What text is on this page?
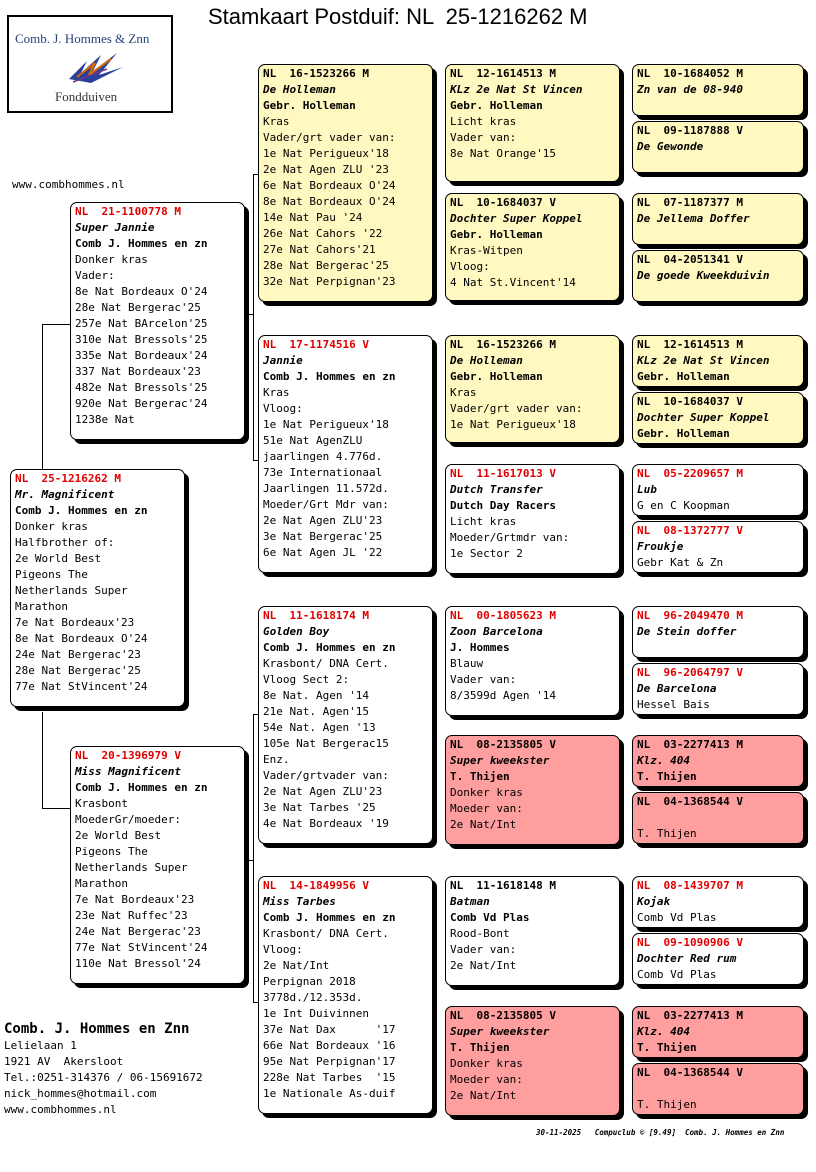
Stamkaart Postduif: NL  25-1216262 M
Comb. J. Hommes & Znn
Fondduiven
www.combhommes.nl
NL  25-1216262 M
Mr. Magnificent
Comb J. Hommes en zn
Donker kras
Halfbrother of:
2e World Best
Pigeons The
Netherlands Super
Marathon
7e Nat Bordeaux'23
8e Nat Bordeaux O'24
24e Nat Bergerac'23
28e Nat Bergerac'25
77e Nat StVincent'24
NL  21-1100778 M
Super Jannie
Comb J. Hommes en zn
Donker kras
Vader:
8e Nat Bordeaux O'24
28e Nat Bergerac'25
257e Nat BArcelon'25
310e Nat Bressols'25
335e Nat Bordeaux'24
337 Nat Bordeaux'23
482e Nat Bressols'25
920e Nat Bergerac'24
1238e Nat
NL  20-1396979 V
Miss Magnificent
Comb J. Hommes en zn
Krasbont
MoederGr/moeder:
2e World Best
Pigeons The
Netherlands Super
Marathon
7e Nat Bordeaux'23
23e Nat Ruffec'23
24e Nat Bergerac'23
77e Nat StVincent'24
110e Nat Bressol'24
NL  16-1523266 M
De Holleman
Gebr. Holleman
Kras
Vader/grt vader van:
1e Nat Perigueux'18
2e Nat Agen ZLU '23
6e Nat Bordeaux O'24
8e Nat Bordeaux O'24
14e Nat Pau '24
26e Nat Cahors '22
27e Nat Cahors'21
28e Nat Bergerac'25
32e Nat Perpignan'23
NL  17-1174516 V
Jannie
Comb J. Hommes en zn
Kras
Vloog:
1e Nat Perigueux'18
51e Nat AgenZLU
jaarlingen 4.776d.
73e Internationaal
Jaarlingen 11.572d.
Moeder/Grt Mdr van:
2e Nat Agen ZLU'23
3e Nat Bergerac'25
6e Nat Agen JL '22
NL  11-1618174 M
Golden Boy
Comb J. Hommes en zn
Krasbont/ DNA Cert.
Vloog Sect 2:
8e Nat. Agen '14
21e Nat. Agen'15
54e Nat. Agen '13
105e Nat Bergerac15
Enz.
Vader/grtvader van:
2e Nat Agen ZLU'23
3e Nat Tarbes '25
4e Nat Bordeaux '19
NL  14-1849956 V
Miss Tarbes
Comb J. Hommes en zn
Krasbont/ DNA Cert.
Vloog:
2e Nat/Int
Perpignan 2018
3778d./12.353d.
1e Int Duivinnen
37e Nat Dax      '17
66e Nat Bordeaux '16
95e Nat Perpignan'17
228e Nat Tarbes  '15
1e Nationale As-duif
NL  12-1614513 M
KLz 2e Nat St Vincen
Gebr. Holleman
Licht kras
Vader van:
8e Nat Orange'15
NL  10-1684037 V
Dochter Super Koppel
Gebr. Holleman
Kras-Witpen
Vloog:
4 Nat St.Vincent'14
NL  16-1523266 M
De Holleman
Gebr. Holleman
Kras
Vader/grt vader van:
1e Nat Perigueux'18
NL  11-1617013 V
Dutch Transfer
Dutch Day Racers
Licht kras
Moeder/Grtmdr van:
1e Sector 2
NL  00-1805623 M
Zoon Barcelona
J. Hommes
Blauw
Vader van:
8/3599d Agen '14
NL  08-2135805 V
Super kweekster
T. Thijen
Donker kras
Moeder van:
2e Nat/Int
NL  11-1618148 M
Batman
Comb Vd Plas
Rood-Bont
Vader van:
2e Nat/Int
NL  08-2135805 V
Super kweekster
T. Thijen
Donker kras
Moeder van:
2e Nat/Int
NL  10-1684052 M
Zn van de 08-940
NL  09-1187888 V
De Gewonde
NL  07-1187377 M
De Jellema Doffer
NL  04-2051341 V
De goede Kweekduivin
NL  12-1614513 M
KLz 2e Nat St Vincen
Gebr. Holleman
NL  10-1684037 V
Dochter Super Koppel
Gebr. Holleman
NL  05-2209657 M
Lub
G en C Koopman
NL  08-1372777 V
Froukje
Gebr Kat & Zn
NL  96-2049470 M
De Stein doffer
NL  96-2064797 V
De Barcelona
Hessel Bais
NL  03-2277413 M
Klz. 404
T. Thijen
NL  04-1368544 V
T. Thijen
NL  08-1439707 M
Kojak
Comb Vd Plas
NL  09-1090906 V
Dochter Red rum
Comb Vd Plas
NL  03-2277413 M
Klz. 404
T. Thijen
NL  04-1368544 V
T. Thijen
Comb. J. Hommes en Znn
Lelielaan 1
1921 AV  Akersloot
Tel.:0251-314376 / 06-15691672
nick_hommes@hotmail.com
www.combhommes.nl
30-11-2025   Compuclub © [9.49]  Comb. J. Hommes en Znn
